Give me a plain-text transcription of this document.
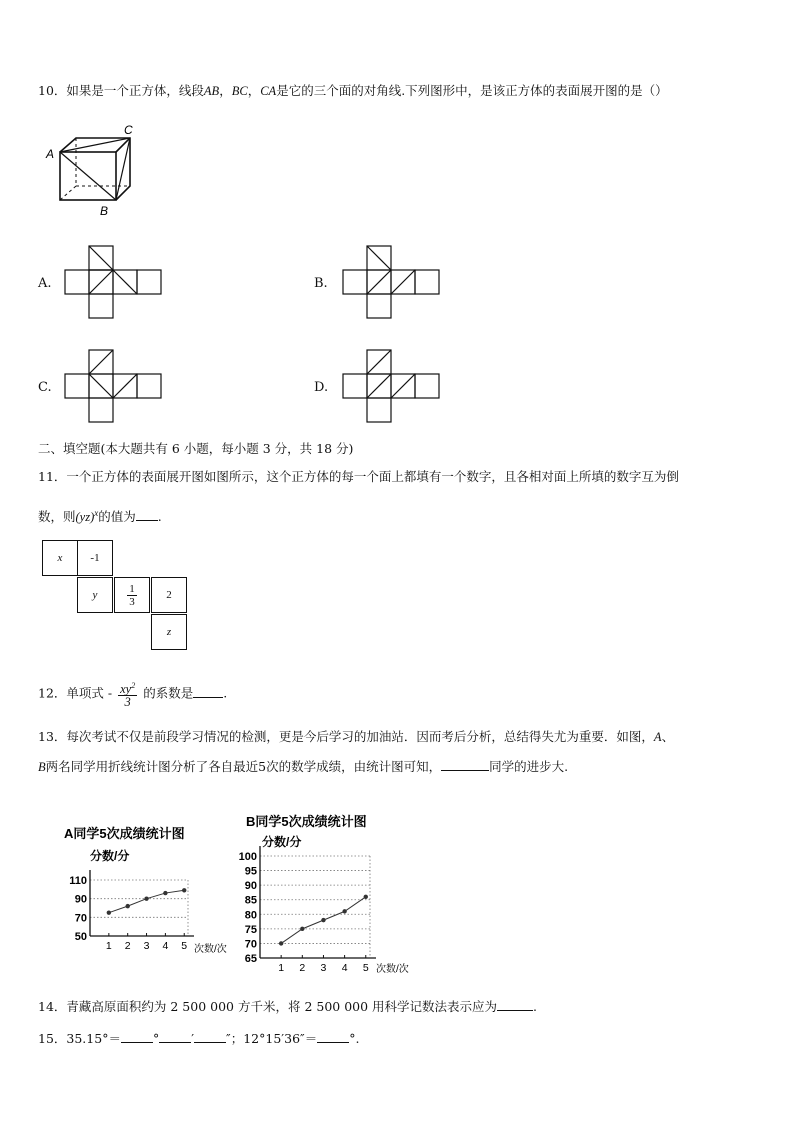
10．如果是一个正方体，线段AB，BC，CA是它的三个面的对角线.下列图形中，是该正方体的表面展开图的是（）
A
C
B
A.	B.
C.	D.
二、填空题(本大题共有 6 小题，每小题 3 分，共 18 分)
11．一个正方体的表面展开图如图所示，这个正方体的每一个面上都填有一个数字，且各相对面上所填的数字互为倒
数，则(yz)$^x$的值为 .
x	-1
y	$\frac{1}{3}$	2
z
12．单项式 - $\frac{xy^2}{3}$ 的系数是 .
13．每次考试不仅是前段学习情况的检测，更是今后学习的加油站．因而考后分析，总结得失尤为重要．如图，A、
B两名同学用折线统计图分析了各自最近5次的数学成绩，由统计图可知，	同学的进步大.
A同学5次成绩统计图
分数/分
次数/次
50
70
90
110
1 2 3 4 5
B同学5次成绩统计图
分数/分
次数/次
65
70
75
80
85
90
95
100
1 2 3 4 5
14．青藏高原面积约为 2 500 000 方千米，将 2 500 000 用科学记数法表示应为	.
15．35.15°＝	°	′	″；12°15′36″＝	°.
